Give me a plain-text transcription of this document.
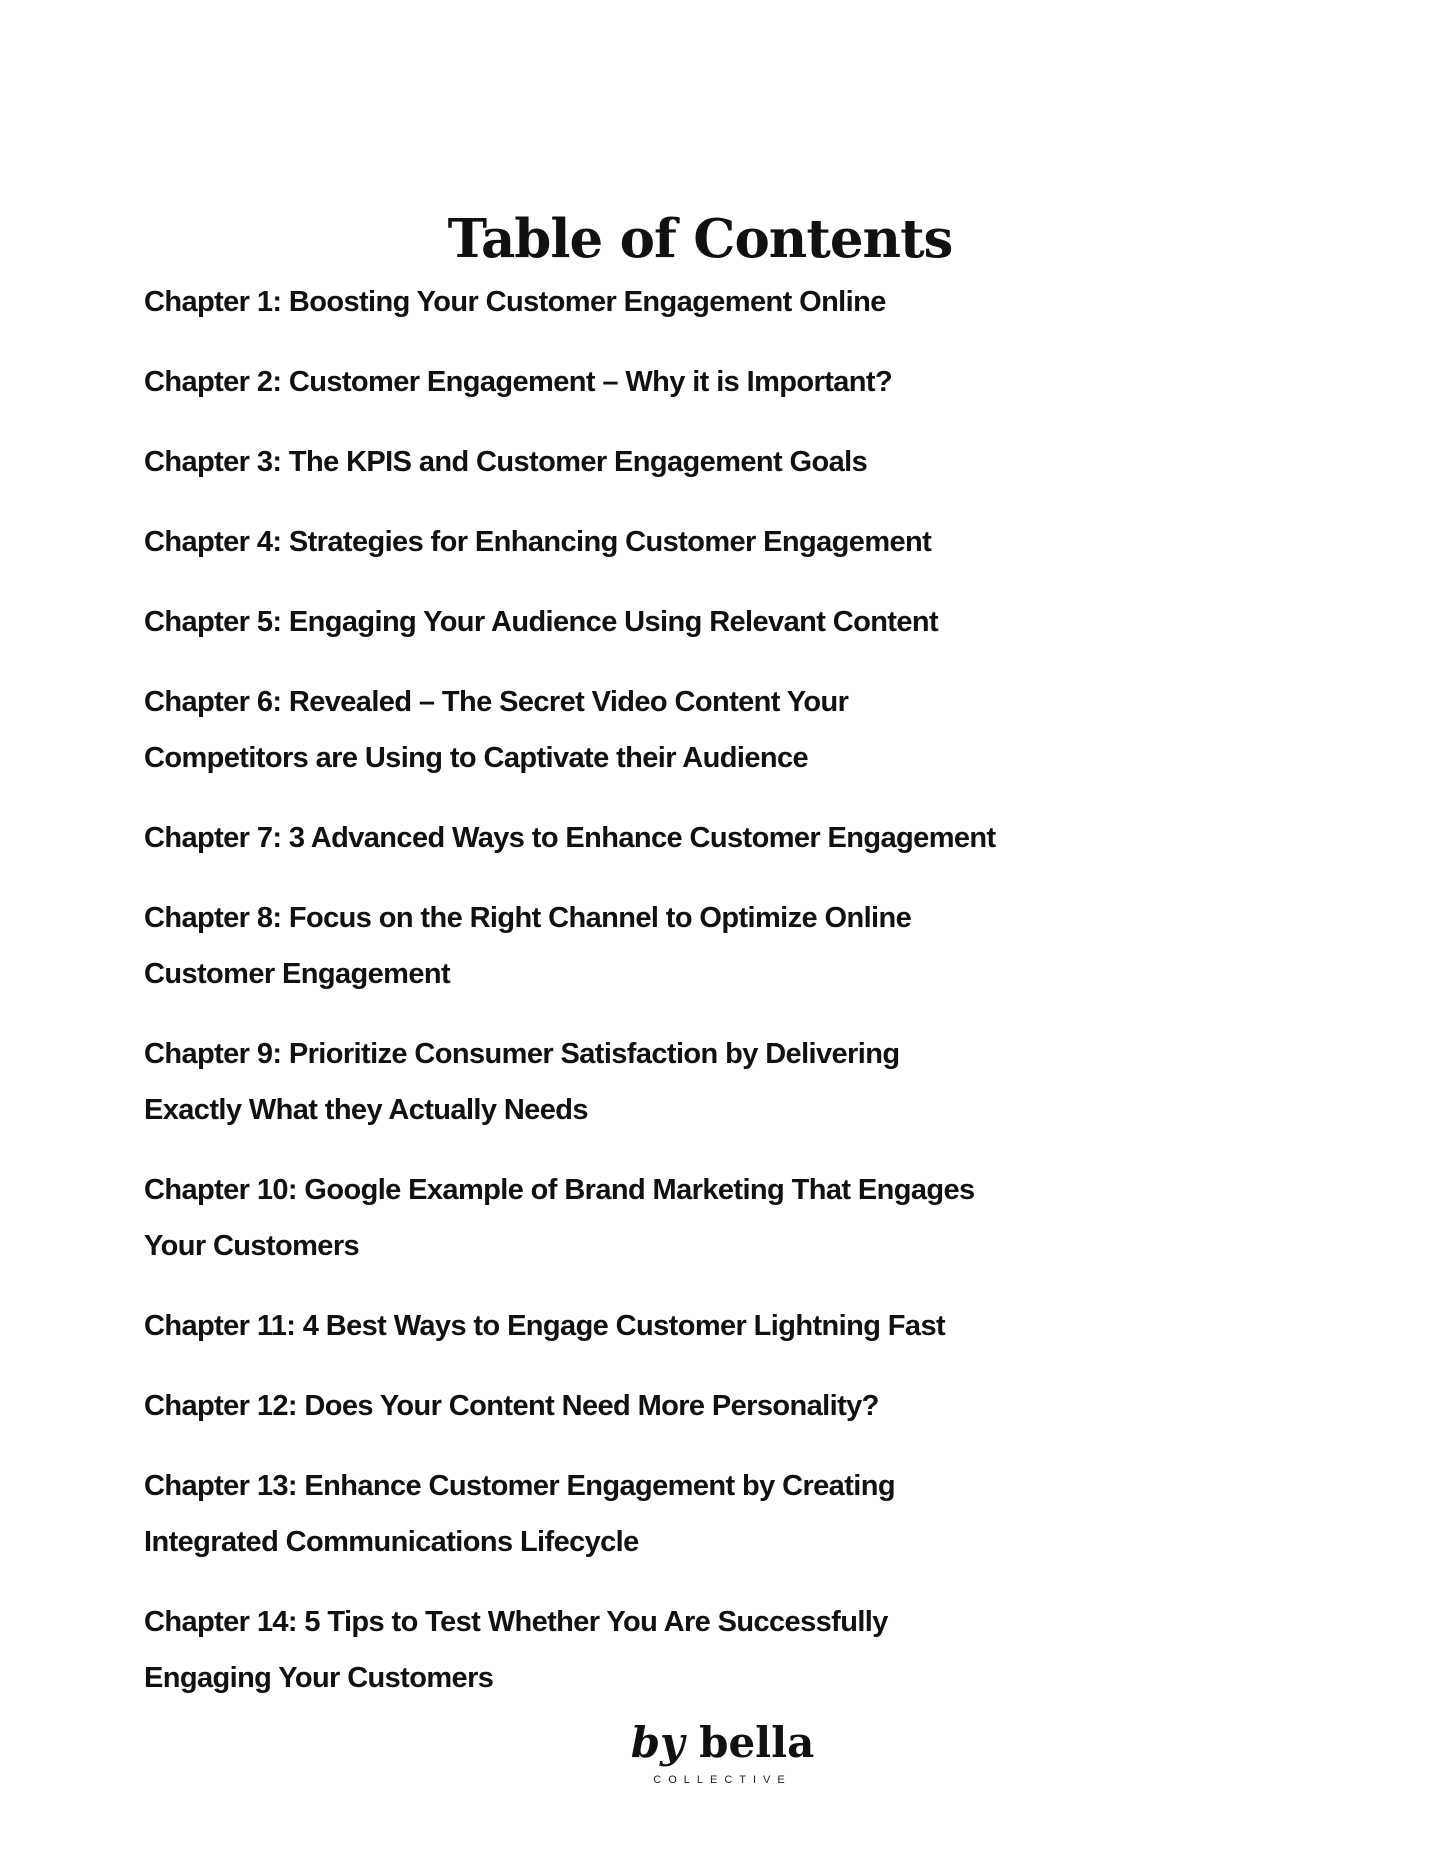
Table of Contents
Chapter 1: Boosting Your Customer Engagement Online
Chapter 2: Customer Engagement – Why it is Important?
Chapter 3: The KPIS and Customer Engagement Goals
Chapter 4: Strategies for Enhancing Customer Engagement
Chapter 5: Engaging Your Audience Using Relevant Content
Chapter 6: Revealed – The Secret Video Content Your Competitors are Using to Captivate their Audience
Chapter 7: 3 Advanced Ways to Enhance Customer Engagement
Chapter 8: Focus on the Right Channel to Optimize Online Customer Engagement
Chapter 9: Prioritize Consumer Satisfaction by Delivering Exactly What they Actually Needs
Chapter 10: Google Example of Brand Marketing That Engages Your Customers
Chapter 11: 4 Best Ways to Engage Customer Lightning Fast
Chapter 12: Does Your Content Need More Personality?
Chapter 13: Enhance Customer Engagement by Creating Integrated Communications Lifecycle
Chapter 14: 5 Tips to Test Whether You Are Successfully Engaging Your Customers
by bella
COLLECTIVE
